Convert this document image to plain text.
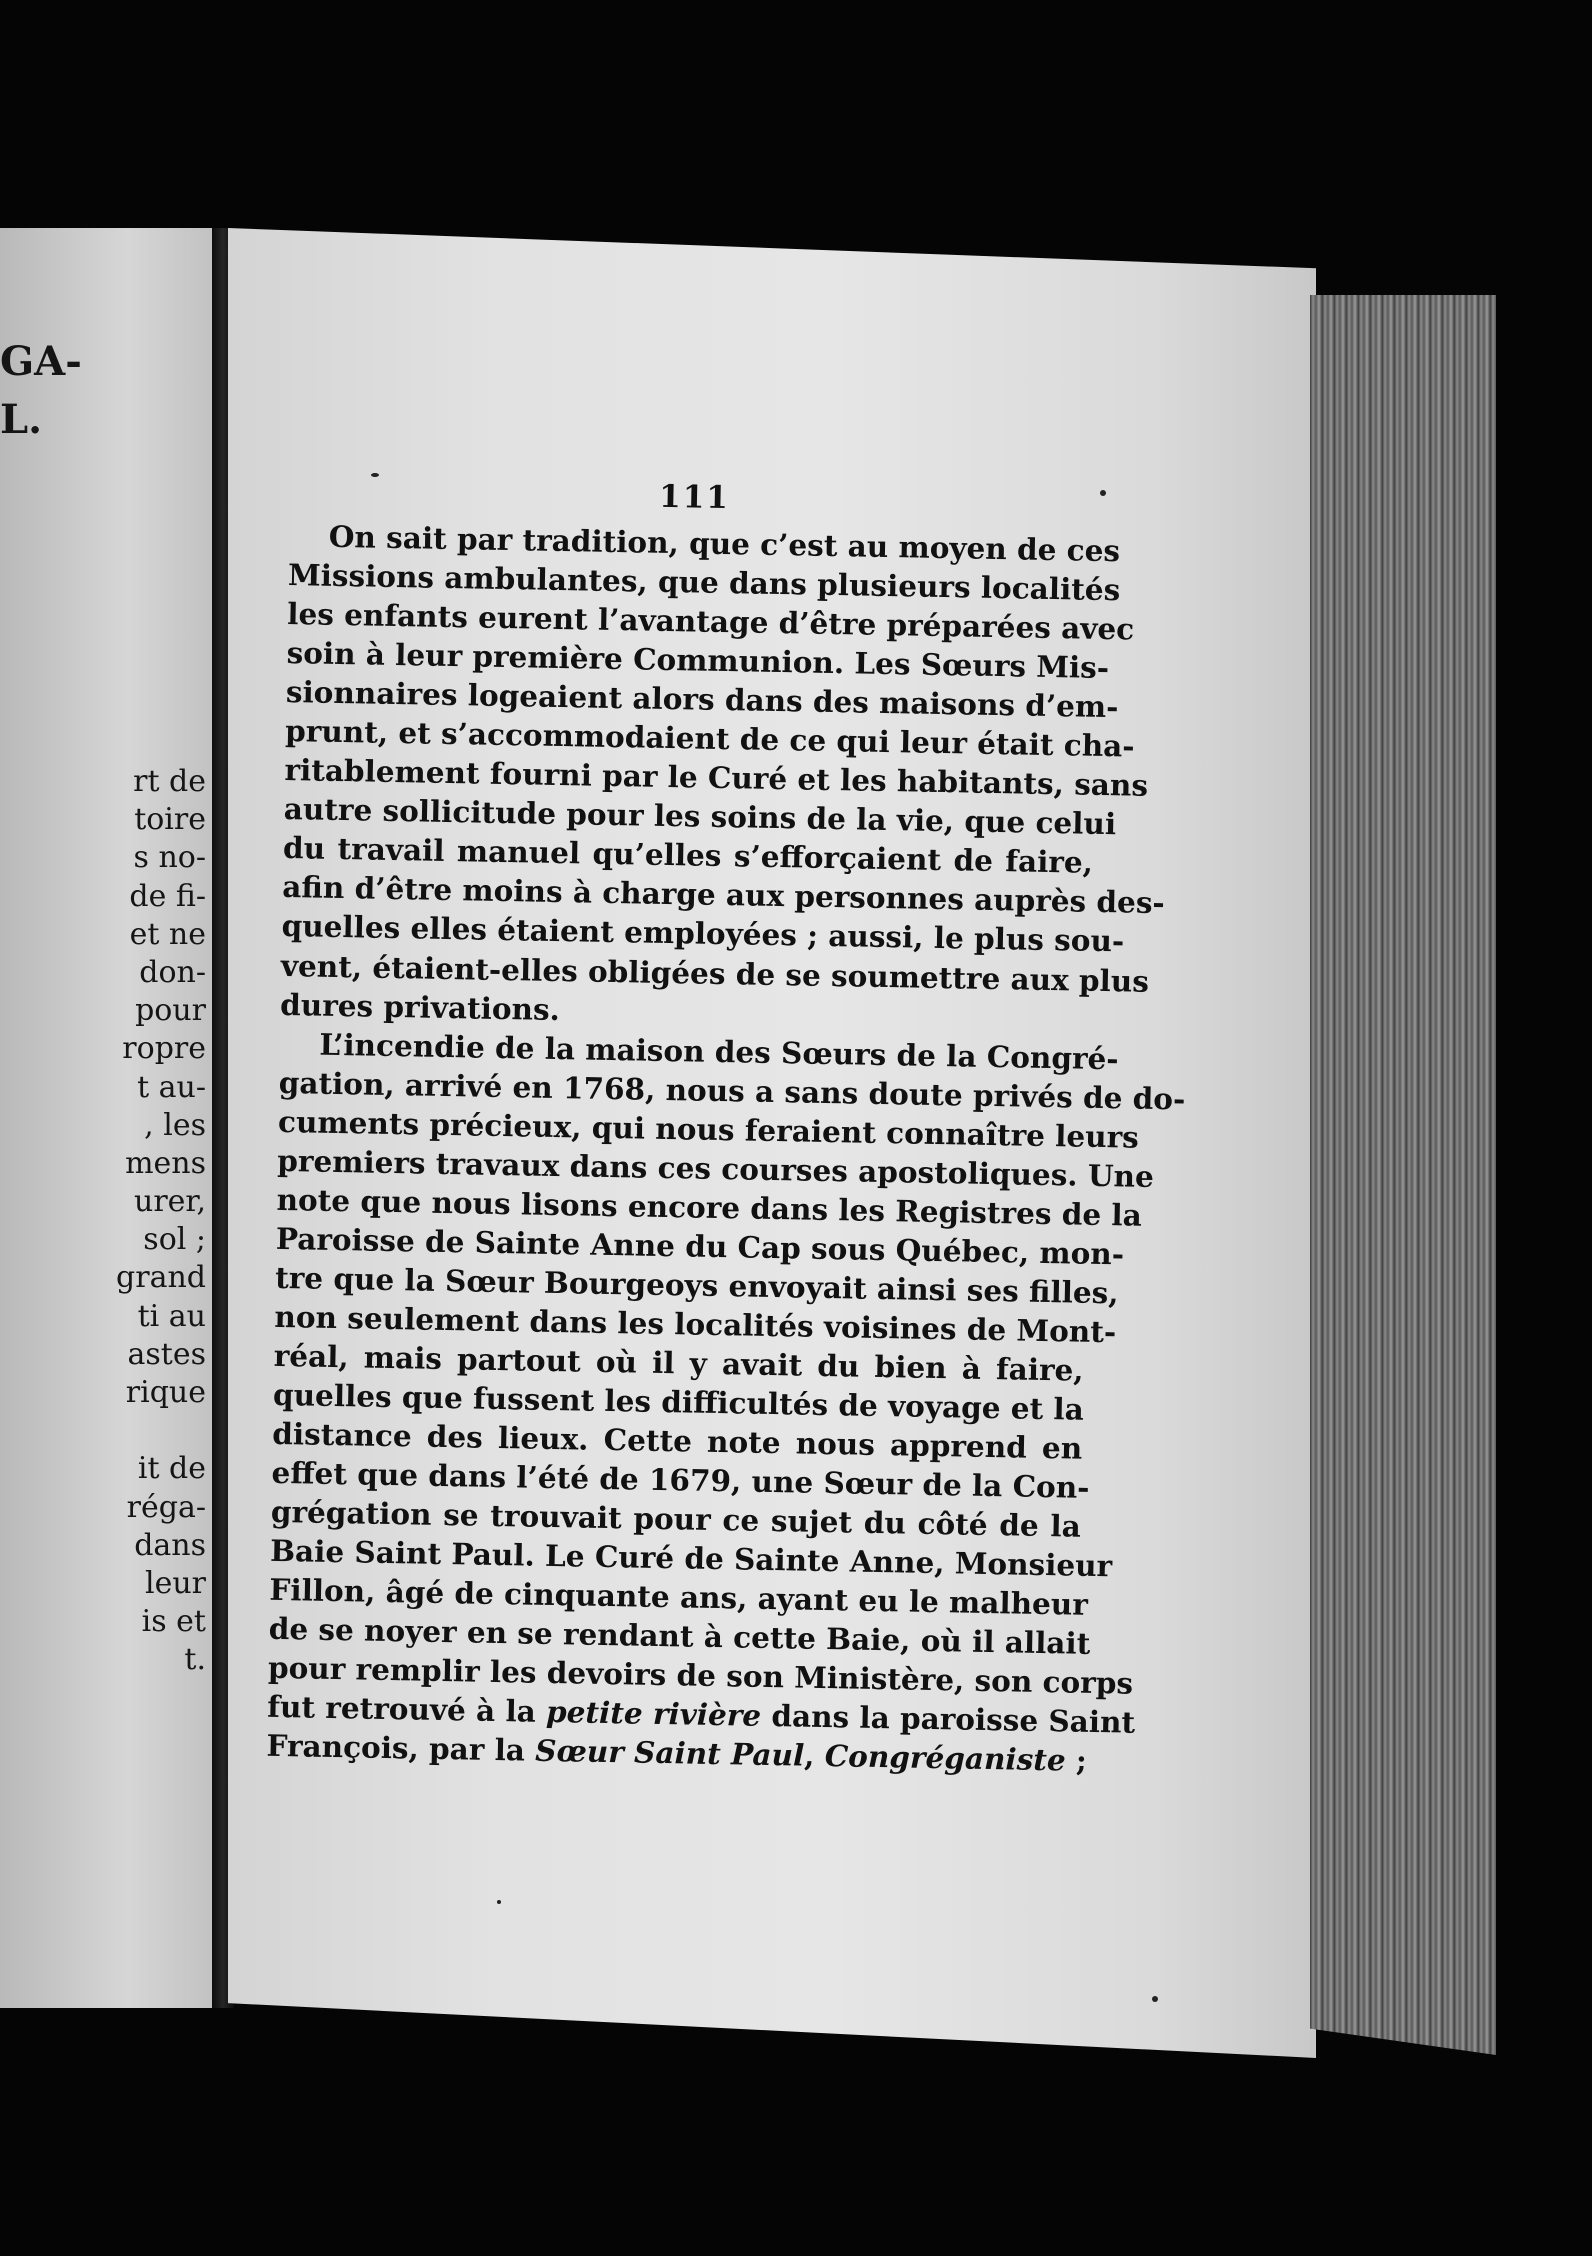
GA-

L.

rt de
toire
s no-
de fi-
et ne
don-
pour
ropre
t au-
, les
mens
urer,
sol ;
grand
ti au
astes
rique
it de
réga-
dans
leur
is et
t.
111
On sait par tradition, que c’est au moyen de ces
Missions ambulantes, que dans plusieurs localités
les enfants eurent l’avantage d’être préparées avec
soin à leur première Communion. Les Sœurs Mis-
sionnaires logeaient alors dans des maisons d’em-
prunt, et s’accommodaient de ce qui leur était cha-
ritablement fourni par le Curé et les habitants, sans
autre sollicitude pour les soins de la vie, que celui
du travail manuel qu’elles s’efforçaient de faire,
afin d’être moins à charge aux personnes auprès des-
quelles elles étaient employées ; aussi, le plus sou-
vent, étaient-elles obligées de se soumettre aux plus
dures privations.
L’incendie de la maison des Sœurs de la Congré-
gation, arrivé en 1768, nous a sans doute privés de do-
cuments précieux, qui nous feraient connaître leurs
premiers travaux dans ces courses apostoliques. Une
note que nous lisons encore dans les Registres de la
Paroisse de Sainte Anne du Cap sous Québec, mon-
tre que la Sœur Bourgeoys envoyait ainsi ses filles,
non seulement dans les localités voisines de Mont-
réal, mais partout où il y avait du bien à faire,
quelles que fussent les difficultés de voyage et la
distance des lieux. Cette note nous apprend en
effet que dans l’été de 1679, une Sœur de la Con-
grégation se trouvait pour ce sujet du côté de la
Baie Saint Paul. Le Curé de Sainte Anne, Monsieur
Fillon, âgé de cinquante ans, ayant eu le malheur
de se noyer en se rendant à cette Baie, où il allait
pour remplir les devoirs de son Ministère, son corps
fut retrouvé à la petite rivière dans la paroisse Saint
François, par la Sœur Saint Paul, Congréganiste ;
